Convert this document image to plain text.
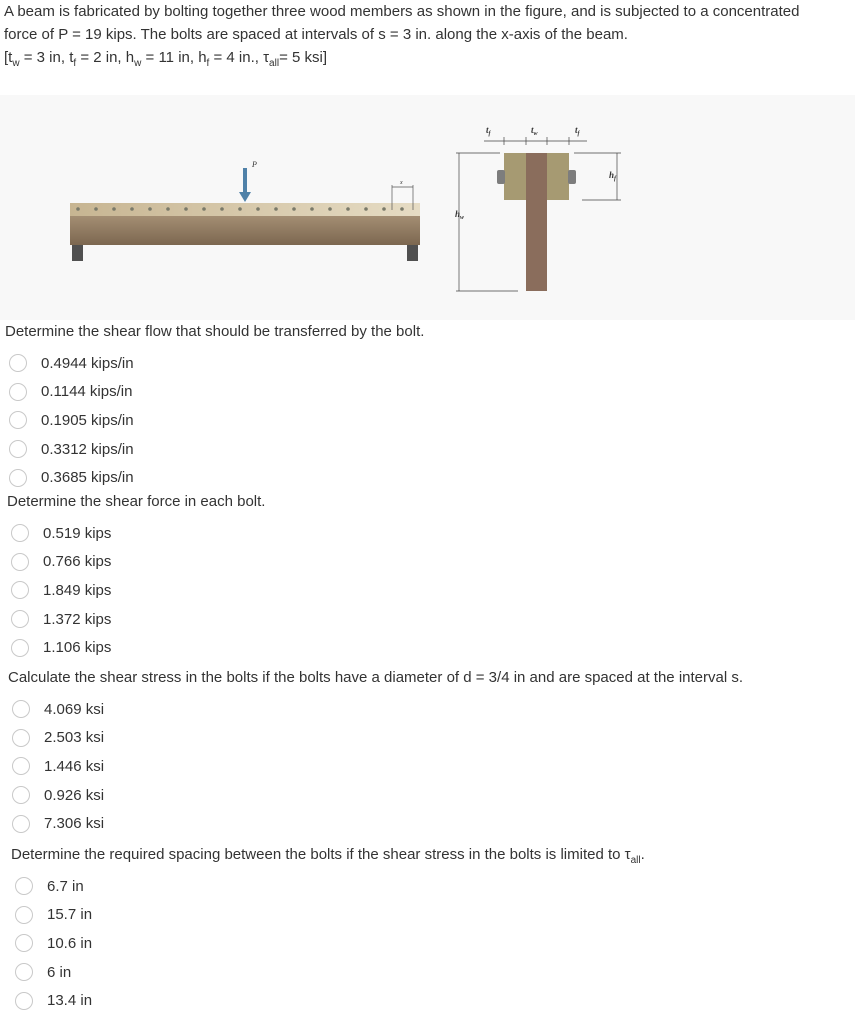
A beam is fabricated by bolting together three wood members as shown in the figure, and is subjected to a concentrated

force of P = 19 kips. The bolts are spaced at intervals of s = 3 in. along the x-axis of the beam.

[$t_w = 3$ in, $t_f = 2$ in, $h_w = 11$ in, $h_f = 4$ in., $\tau_{all}= 5$ ksi]

P
x
$h_w$
$h_f$
$t_f$	$t_w$	$t_f$
Determine the shear flow that should be transferred by the bolt.
0.4944 kips/in
0.1144 kips/in
0.1905 kips/in
0.3312 kips/in
0.3685 kips/in
Determine the shear force in each bolt.
0.519 kips
0.766 kips
1.849 kips
1.372 kips
1.106 kips
Calculate the shear stress in the bolts if the bolts have a diameter of d = 3/4 in and are spaced at the interval s.
4.069 ksi
2.503 ksi
1.446 ksi
0.926 ksi
7.306 ksi
Determine the required spacing between the bolts if the shear stress in the bolts is limited to $\tau_{all}$.
6.7 in
15.7 in
10.6 in
6 in
13.4 in
